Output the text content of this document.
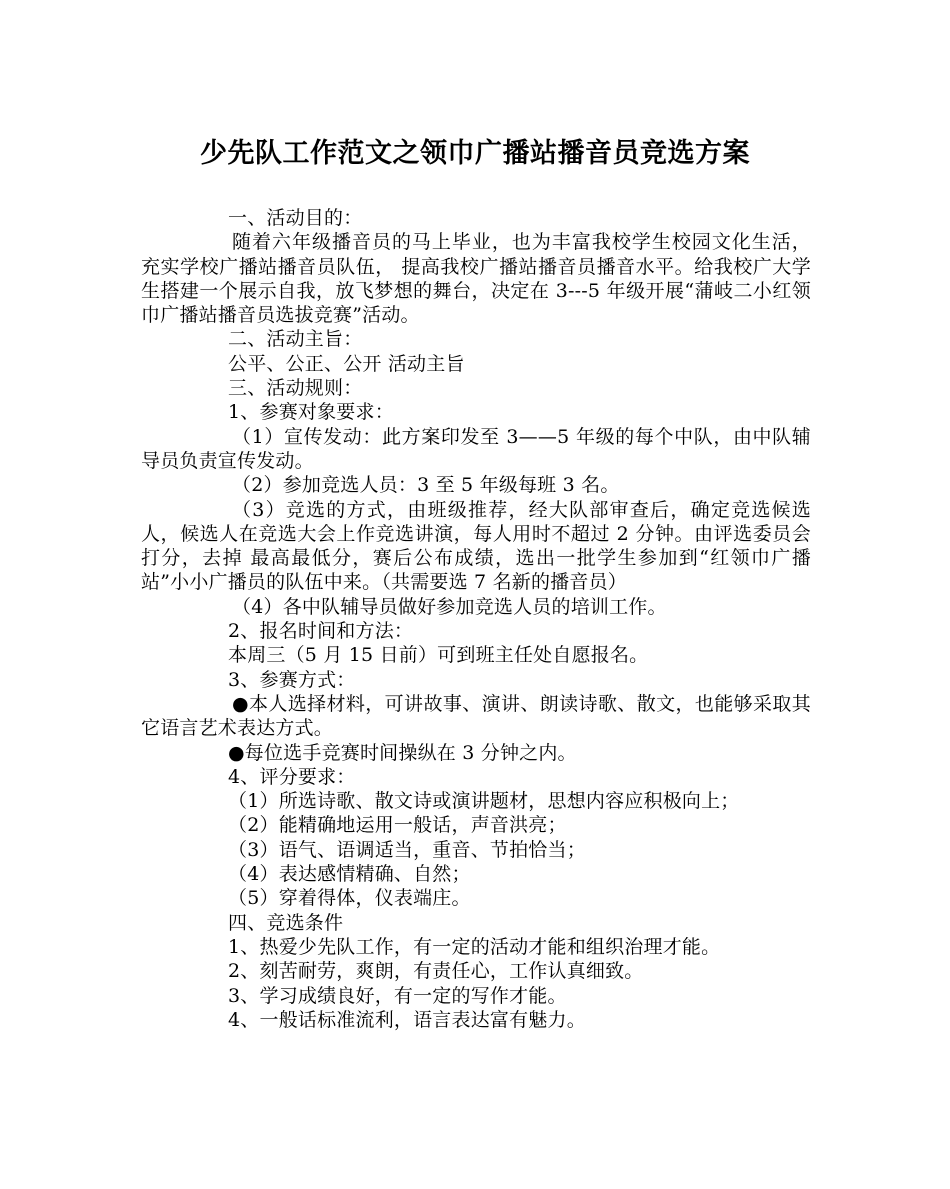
少先队工作范文之领巾广播站播音员竞选方案

一、活动目的：

随着六年级播音员的马上毕业，也为丰富我校学生校园文化生活， 充实学校广播站播音员队伍， 提高我校广播站播音员播音水平。给我校广大学生搭建一个展示自我，放飞梦想的舞台，决定在 3---5 年级开展“蒲岐二小红领巾广播站播音员选拔竞赛”活动。

二、活动主旨：

公平、公正、公开 活动主旨

三、活动规则：

1、参赛对象要求：

（1）宣传发动：此方案印发至 3——5 年级的每个中队，由中队辅导员负责宣传发动。

（2）参加竞选人员：3 至 5 年级每班 3 名。

（3）竞选的方式，由班级推荐，经大队部审查后，确定竞选候选人，候选人在竞选大会上作竞选讲演，每人用时不超过 2 分钟。由评选委员会打分，去掉 最高最低分，赛后公布成绩，选出一批学生参加到“红领巾广播站”小小广播员的队伍中来。（共需要选 7 名新的播音员）

（4）各中队辅导员做好参加竞选人员的培训工作。

2、报名时间和方法：

本周三（5 月 15 日前）可到班主任处自愿报名。

3、参赛方式：

●本人选择材料，可讲故事、演讲、朗读诗歌、散文，也能够采取其它语言艺术表达方式。

●每位选手竞赛时间操纵在 3 分钟之内。

4、评分要求：

（1）所选诗歌、散文诗或演讲题材，思想内容应积极向上；

（2）能精确地运用一般话，声音洪亮；

（3）语气、语调适当，重音、节拍恰当；

（4）表达感情精确、自然；

（5）穿着得体，仪表端庄。

四、竞选条件

1、热爱少先队工作，有一定的活动才能和组织治理才能。

2、刻苦耐劳，爽朗，有责任心，工作认真细致。

3、学习成绩良好，有一定的写作才能。

4、一般话标准流利，语言表达富有魅力。
